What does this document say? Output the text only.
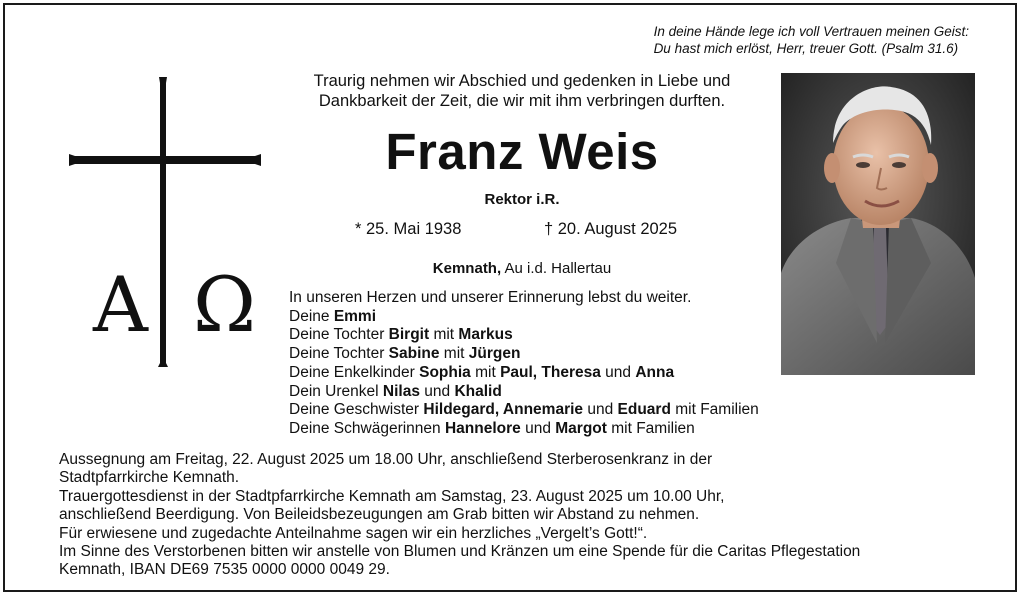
In deine Hände lege ich voll Vertrauen meinen Geist:
Du hast mich erlöst, Herr, treuer Gott. (Psalm 31.6)
A Ω
Traurig nehmen wir Abschied und gedenken in Liebe und
Dankbarkeit der Zeit, die wir mit ihm verbringen durften.
Franz Weis
Rektor i.R.
* 25. Mai 1938	† 20. August 2025
Kemnath, Au i.d. Hallertau
In unseren Herzen und unserer Erinnerung lebst du weiter.
Deine Emmi
Deine Tochter Birgit mit Markus
Deine Tochter Sabine mit Jürgen
Deine Enkelkinder Sophia mit Paul, Theresa und Anna
Dein Urenkel Nilas und Khalid
Deine Geschwister Hildegard, Annemarie und Eduard mit Familien
Deine Schwägerinnen Hannelore und Margot mit Familien
Aussegnung am Freitag, 22. August 2025 um 18.00 Uhr, anschließend Sterberosenkranz in der
Stadtpfarrkirche Kemnath.
Trauergottesdienst in der Stadtpfarrkirche Kemnath am Samstag, 23. August 2025 um 10.00 Uhr,
anschließend Beerdigung. Von Beileidsbezeugungen am Grab bitten wir Abstand zu nehmen.
Für erwiesene und zugedachte Anteilnahme sagen wir ein herzliches „Vergelt’s Gott!“.
Im Sinne des Verstorbenen bitten wir anstelle von Blumen und Kränzen um eine Spende für die Caritas Pflegestation
Kemnath, IBAN DE69 7535 0000 0000 0049 29.
